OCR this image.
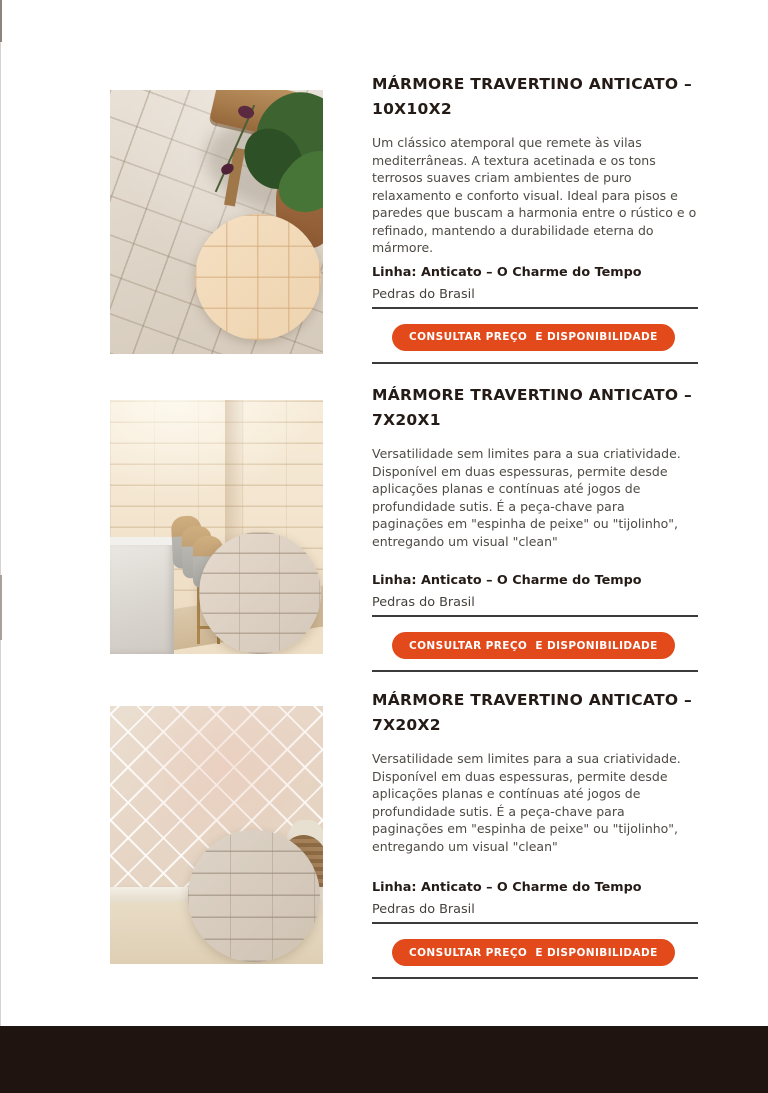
MÁRMORE TRAVERTINO ANTICATO –
10X10X2

Um clássico atemporal que remete às vilas mediterrâneas. A textura acetinada e os tons terrosos suaves criam ambientes de puro relaxamento e conforto visual. Ideal para pisos e paredes que buscam a harmonia entre o rústico e o refinado, mantendo a durabilidade eterna do mármore.

Linha: Anticato – O Charme do Tempo

Pedras do Brasil
CONSULTAR PREÇO  E DISPONIBILIDADE
MÁRMORE TRAVERTINO ANTICATO –
7X20X1

Versatilidade sem limites para a sua criatividade. Disponível em duas espessuras, permite desde aplicações planas e contínuas até jogos de profundidade sutis. É a peça-chave para paginações em "espinha de peixe" ou "tijolinho", entregando um visual "clean"

Linha: Anticato – O Charme do Tempo

Pedras do Brasil
CONSULTAR PREÇO  E DISPONIBILIDADE
MÁRMORE TRAVERTINO ANTICATO –
7X20X2

Versatilidade sem limites para a sua criatividade. Disponível em duas espessuras, permite desde aplicações planas e contínuas até jogos de profundidade sutis. É a peça-chave para paginações em "espinha de peixe" ou "tijolinho", entregando um visual "clean"

Linha: Anticato – O Charme do Tempo

Pedras do Brasil
CONSULTAR PREÇO  E DISPONIBILIDADE
